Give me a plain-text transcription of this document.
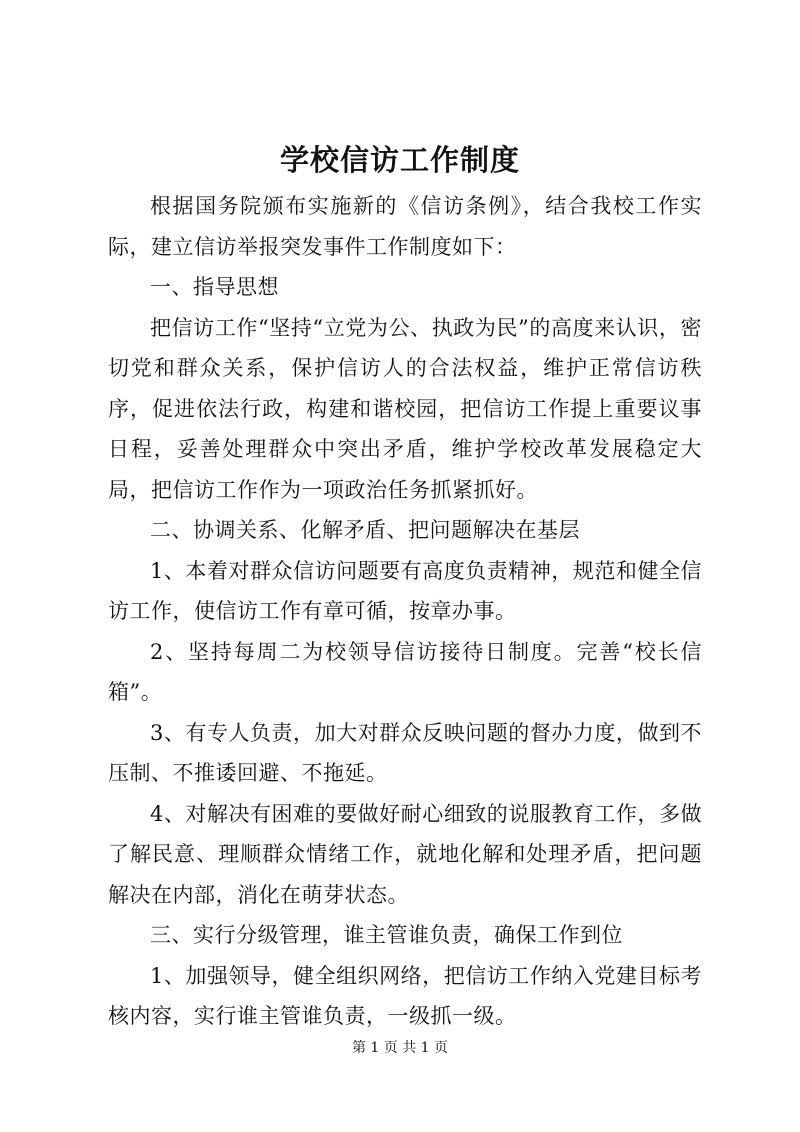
学校信访工作制度

根据国务院颁布实施新的《信访条例》，结合我校工作实际，建立信访举报突发事件工作制度如下：

一、指导思想

把信访工作“坚持“立党为公、执政为民”的高度来认识，密切党和群众关系，保护信访人的合法权益，维护正常信访秩序，促进依法行政，构建和谐校园，把信访工作提上重要议事日程，妥善处理群众中突出矛盾，维护学校改革发展稳定大局，把信访工作作为一项政治任务抓紧抓好。

二、协调关系、化解矛盾、把问题解决在基层

1、本着对群众信访问题要有高度负责精神，规范和健全信访工作，使信访工作有章可循，按章办事。

2、坚持每周二为校领导信访接待日制度。完善“校长信箱”。

3、有专人负责，加大对群众反映问题的督办力度，做到不压制、不推诿回避、不拖延。

4、对解决有困难的要做好耐心细致的说服教育工作，多做了解民意、理顺群众情绪工作，就地化解和处理矛盾，把问题解决在内部，消化在萌芽状态。

三、实行分级管理，谁主管谁负责，确保工作到位

1、加强领导，健全组织网络，把信访工作纳入党建目标考核内容，实行谁主管谁负责，一级抓一级。

第 1 页 共 1 页
